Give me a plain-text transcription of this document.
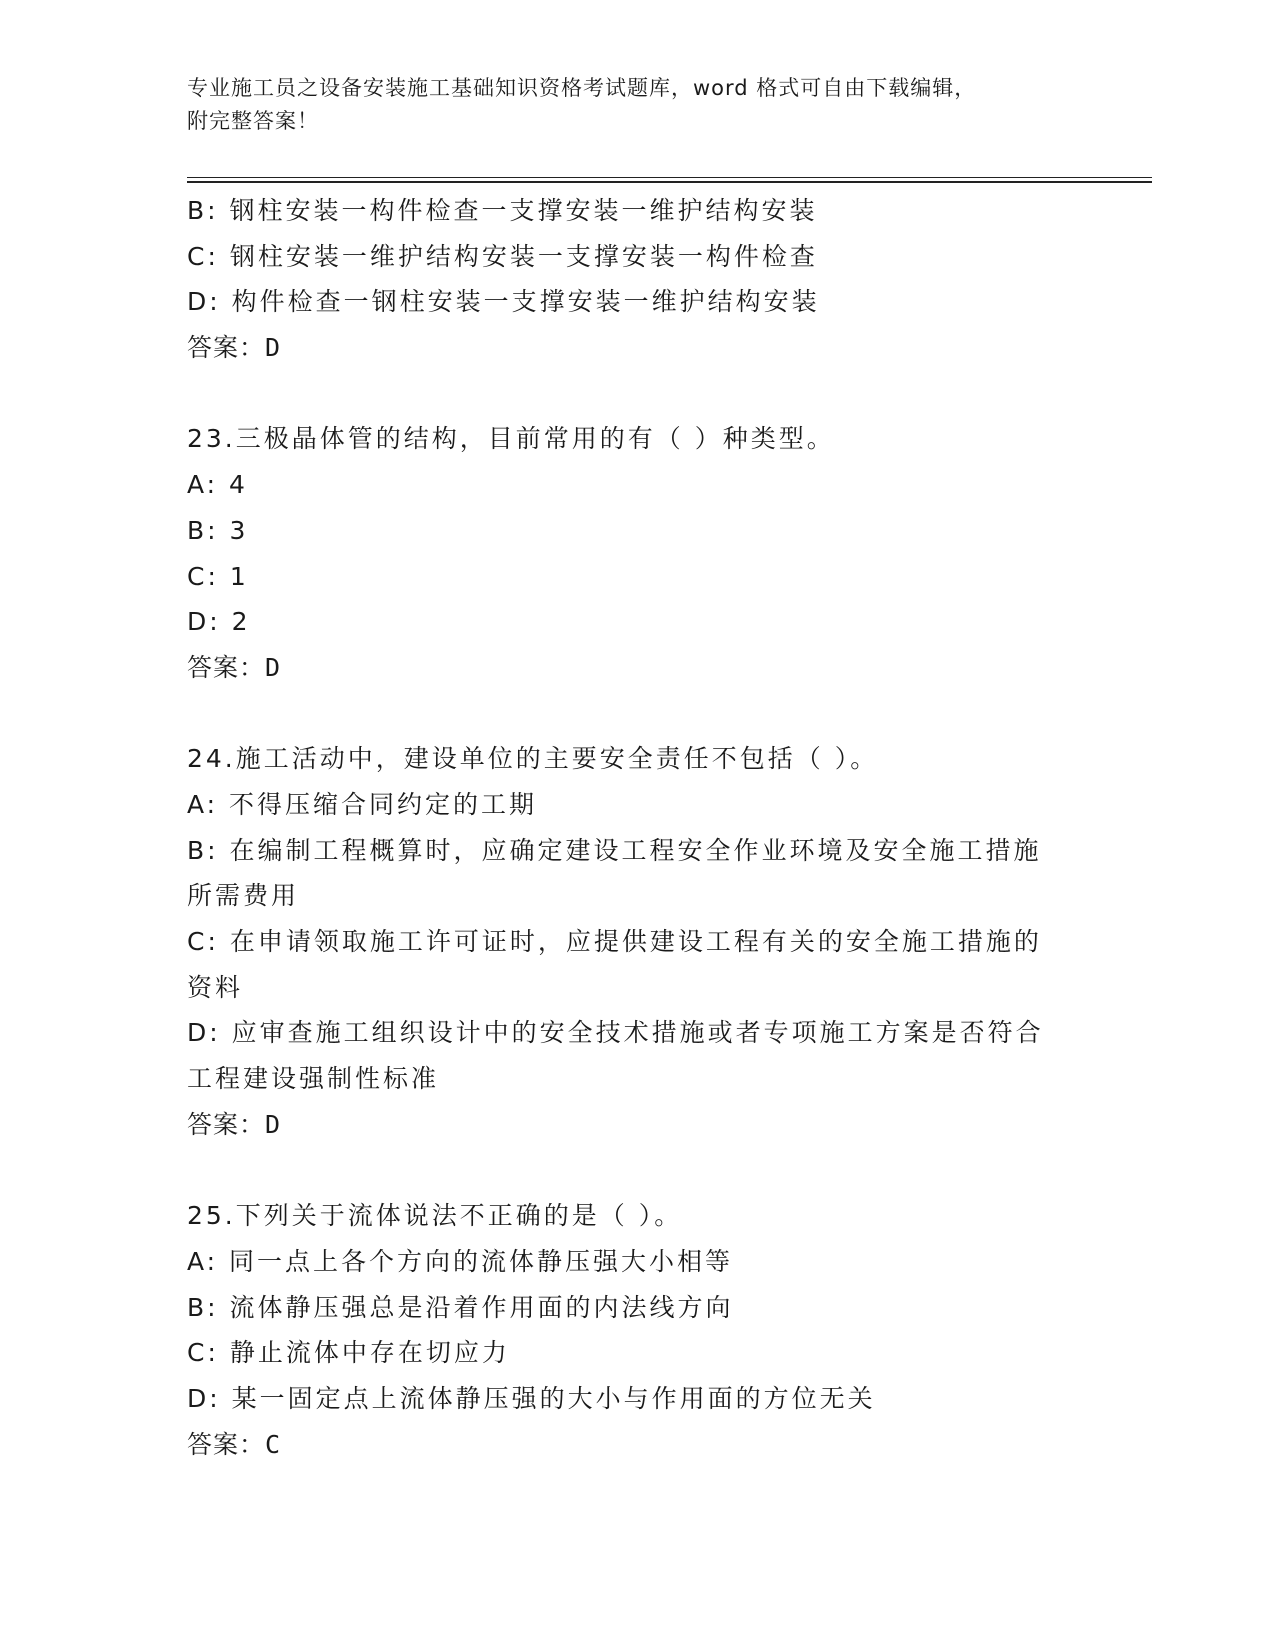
专业施工员之设备安装施工基础知识资格考试题库，word 格式可自由下载编辑，
附完整答案！
B: 钢柱安装一构件检查一支撑安装一维护结构安装
C: 钢柱安装一维护结构安装一支撑安装一构件检查
D: 构件检查一钢柱安装一支撑安装一维护结构安装
答案：D
23.三极晶体管的结构，目前常用的有（ ）种类型。
A: 4
B: 3
C: 1
D: 2
答案：D
24.施工活动中，建设单位的主要安全责任不包括（ ）。
A: 不得压缩合同约定的工期
B: 在编制工程概算时，应确定建设工程安全作业环境及安全施工措施
所需费用
C: 在申请领取施工许可证时，应提供建设工程有关的安全施工措施的
资料
D: 应审查施工组织设计中的安全技术措施或者专项施工方案是否符合
工程建设强制性标准
答案：D
25.下列关于流体说法不正确的是（ ）。
A: 同一点上各个方向的流体静压强大小相等
B: 流体静压强总是沿着作用面的内法线方向
C: 静止流体中存在切应力
D: 某一固定点上流体静压强的大小与作用面的方位无关
答案：C
